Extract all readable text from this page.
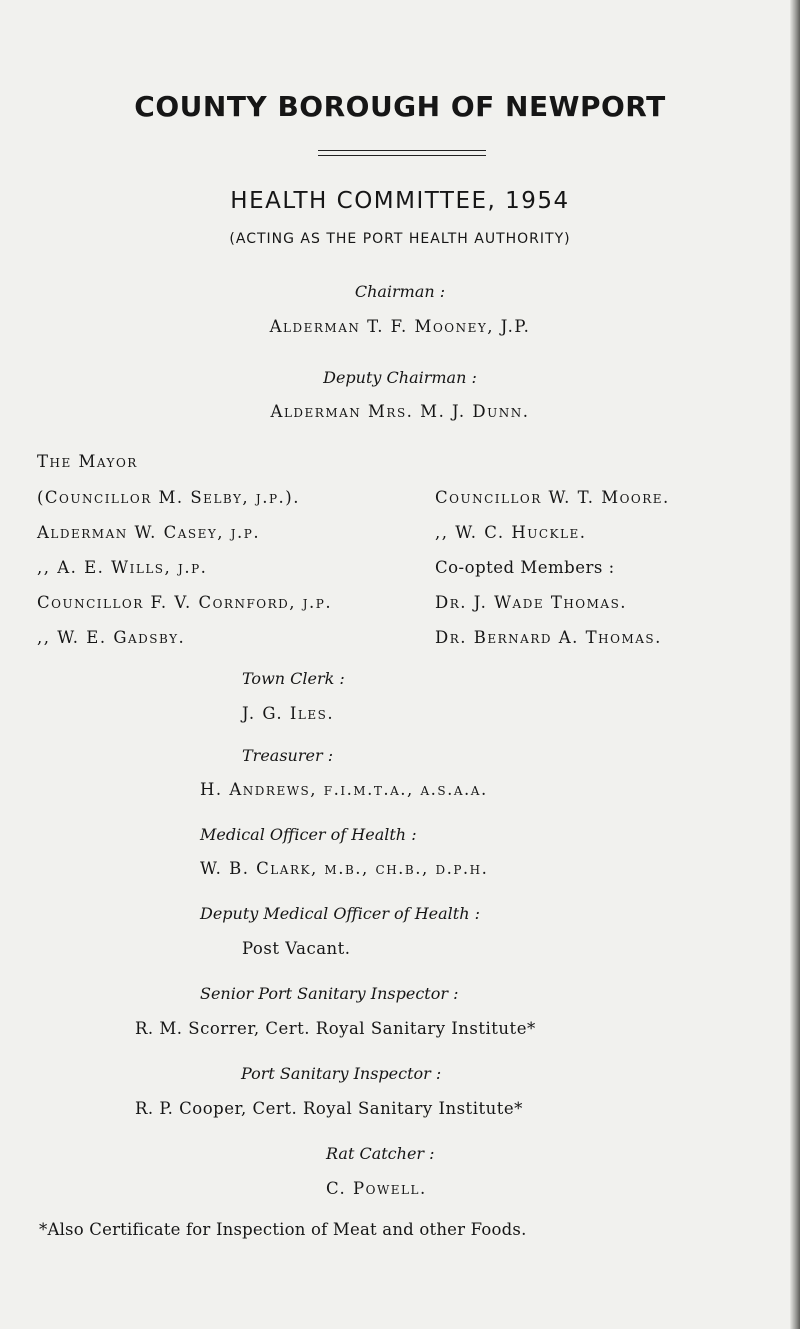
COUNTY BOROUGH OF NEWPORT
HEALTH COMMITTEE, 1954
(ACTING AS THE PORT HEALTH AUTHORITY)
Chairman :
Alderman T. F. Mooney, J.P.
Deputy Chairman :
Alderman Mrs. M. J. Dunn.
The Mayor
(Councillor M. Selby, j.p.).
Alderman W. Casey, j.p.
,, A. E. Wills, j.p.
Councillor F. V. Cornford, j.p.
,, W. E. Gadsby.
Councillor W. T. Moore.
,, W. C. Huckle.
Co-opted Members :
Dr. J. Wade Thomas.
Dr. Bernard A. Thomas.
Town Clerk :
J. G. Iles.
Treasurer :
H. Andrews, f.i.m.t.a., a.s.a.a.
Medical Officer of Health :
W. B. Clark, m.b., ch.b., d.p.h.
Deputy Medical Officer of Health :
Post Vacant.
Senior Port Sanitary Inspector :
R. M. Scorrer, Cert. Royal Sanitary Institute*
Port Sanitary Inspector :
R. P. Cooper, Cert. Royal Sanitary Institute*
Rat Catcher :
C. Powell.
*Also Certificate for Inspection of Meat and other Foods.
